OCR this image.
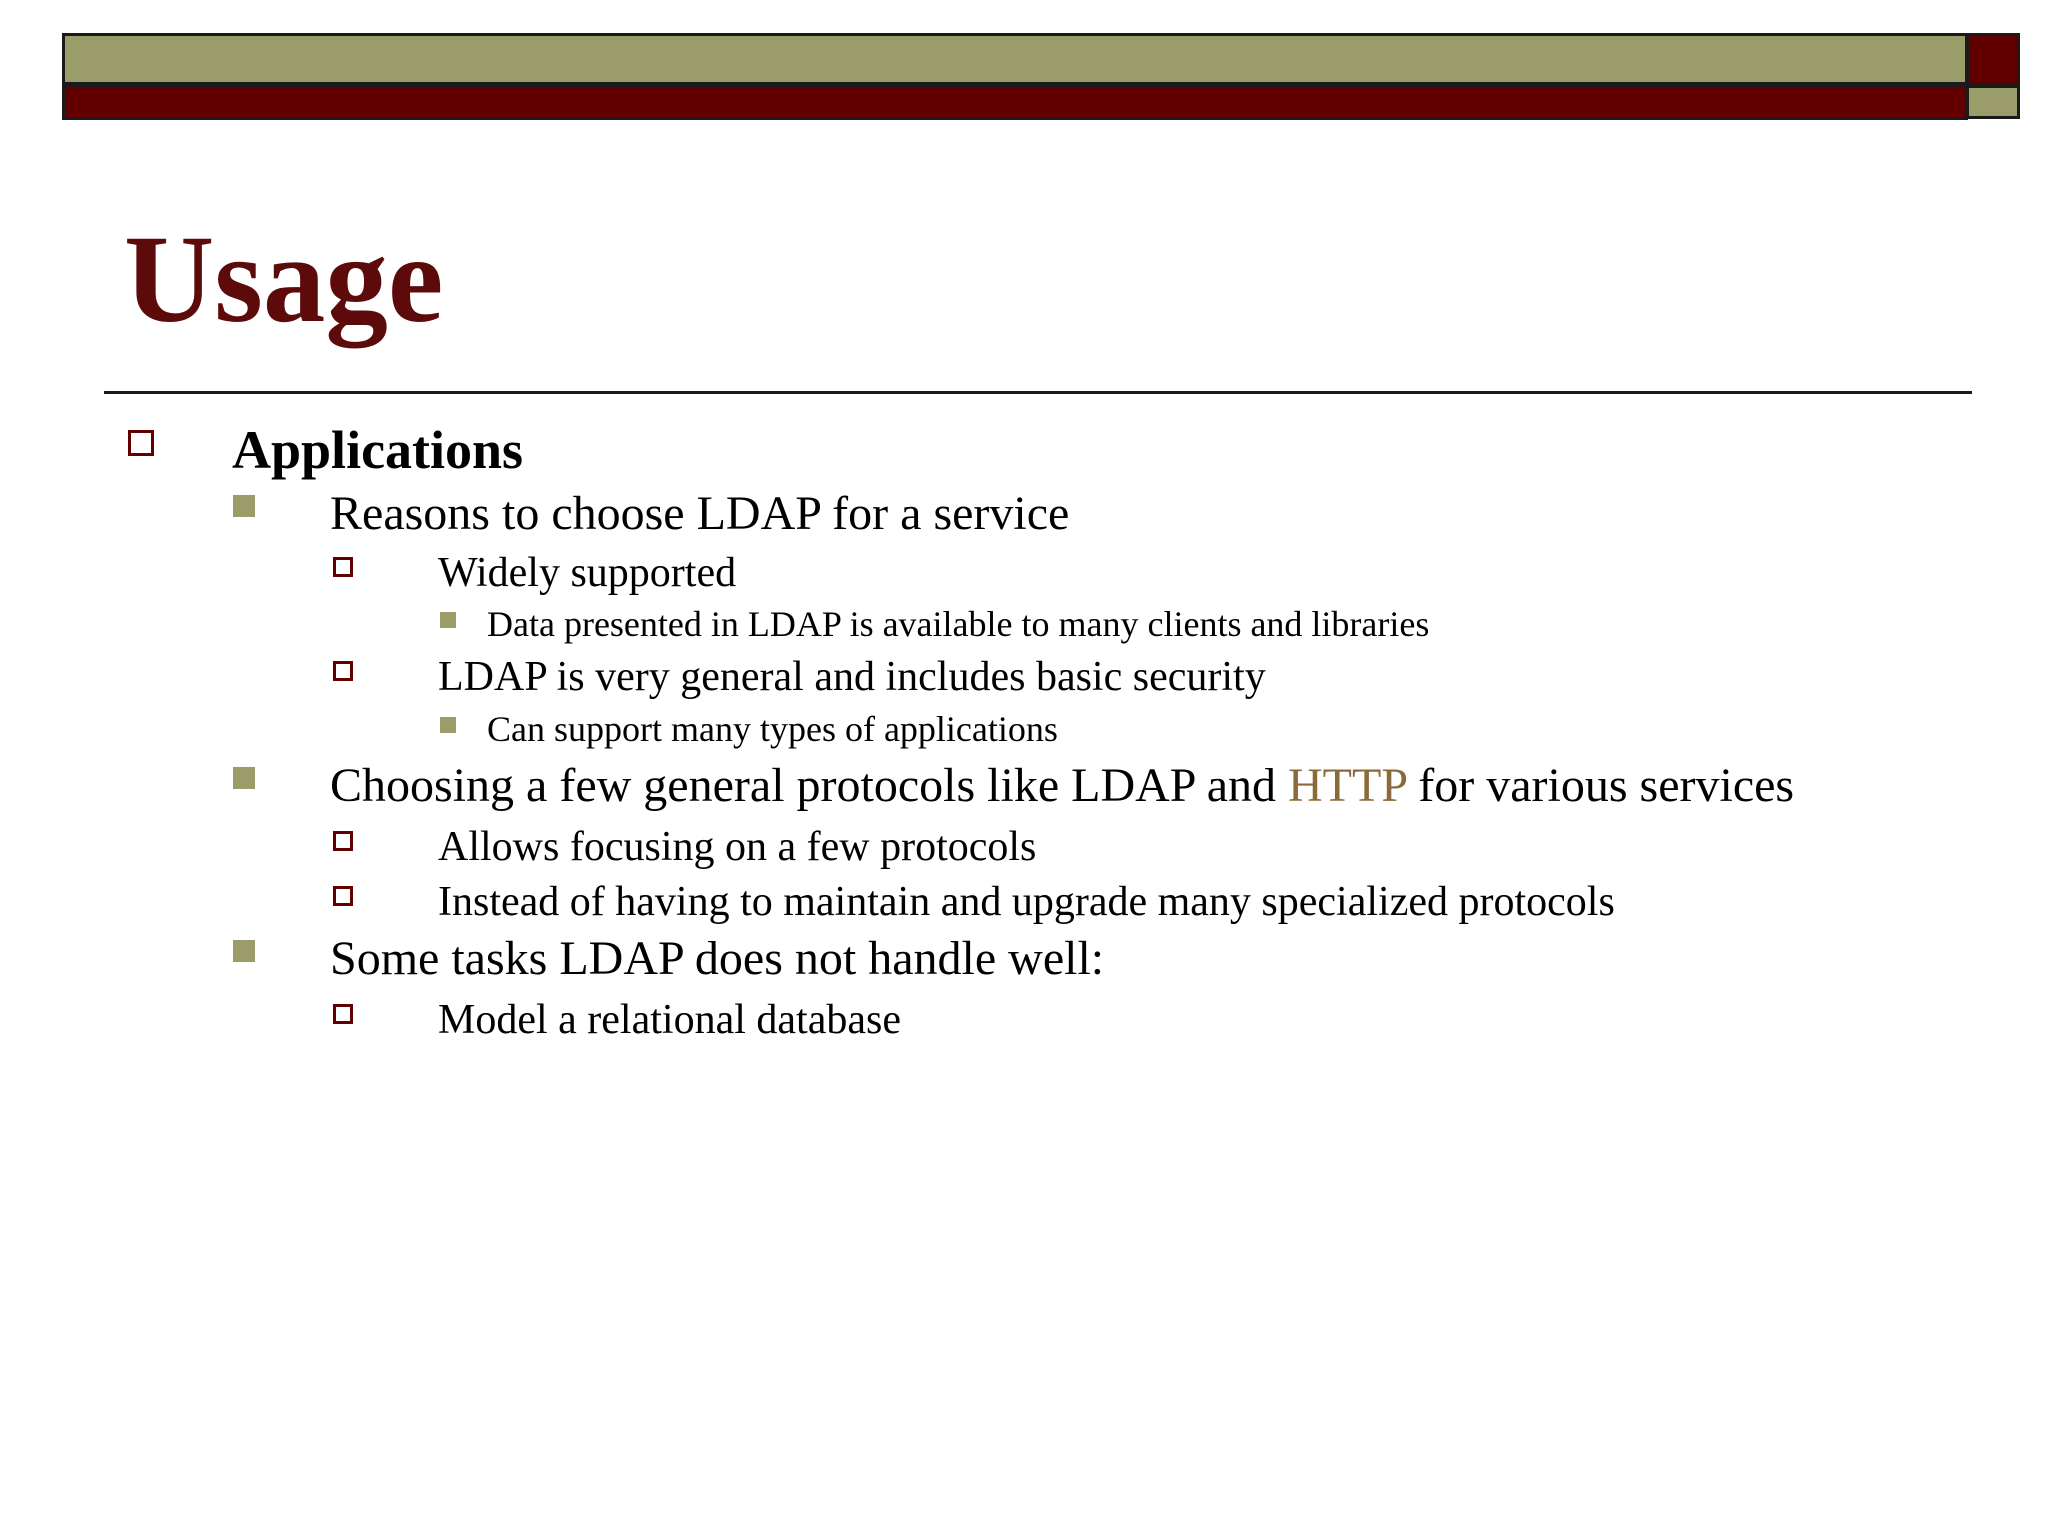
Usage
Applications
Reasons to choose LDAP for a service
Widely supported
Data presented in LDAP is available to many clients and libraries
LDAP is very general and includes basic security
Can support many types of applications
Choosing a few general protocols like LDAP and HTTP for various services
Allows focusing on a few protocols
Instead of having to maintain and upgrade many specialized protocols
Some tasks LDAP does not handle well:
Model a relational database
